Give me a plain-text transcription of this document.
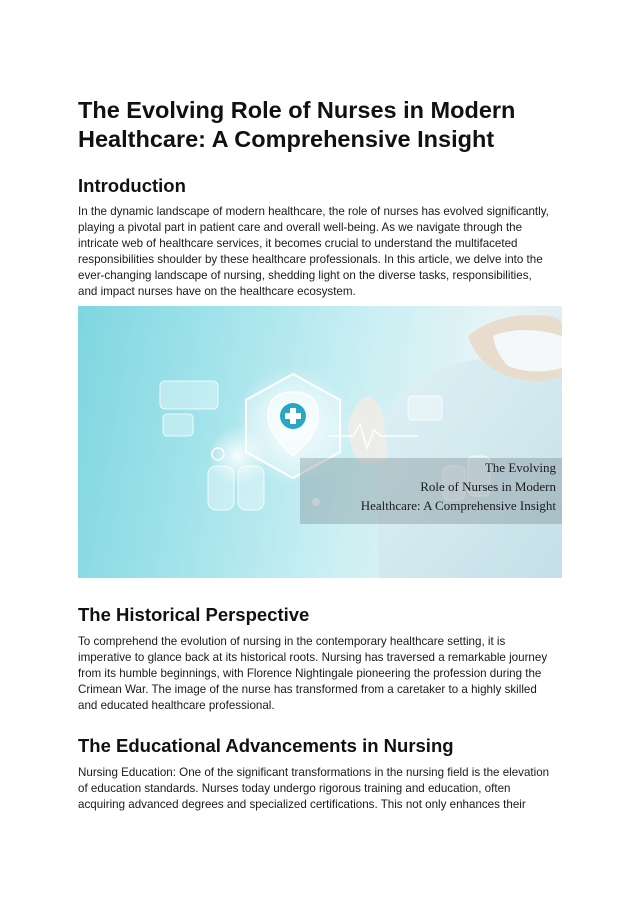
The Evolving Role of Nurses in Modern
Healthcare: A Comprehensive Insight
Introduction

In the dynamic landscape of modern healthcare, the role of nurses has evolved significantly,
playing a pivotal part in patient care and overall well-being. As we navigate through the
intricate web of healthcare services, it becomes crucial to understand the multifaceted
responsibilities shoulder by these healthcare professionals. In this article, we delve into the
ever-changing landscape of nursing, shedding light on the diverse tasks, responsibilities,
and impact nurses have on the healthcare ecosystem.

The Evolving
Role of Nurses in Modern
Healthcare: A Comprehensive Insight
The Historical Perspective

To comprehend the evolution of nursing in the contemporary healthcare setting, it is
imperative to glance back at its historical roots. Nursing has traversed a remarkable journey
from its humble beginnings, with Florence Nightingale pioneering the profession during the
Crimean War. The image of the nurse has transformed from a caretaker to a highly skilled
and educated healthcare professional.

The Educational Advancements in Nursing

Nursing Education: One of the significant transformations in the nursing field is the elevation
of education standards. Nurses today undergo rigorous training and education, often
acquiring advanced degrees and specialized certifications. This not only enhances their
